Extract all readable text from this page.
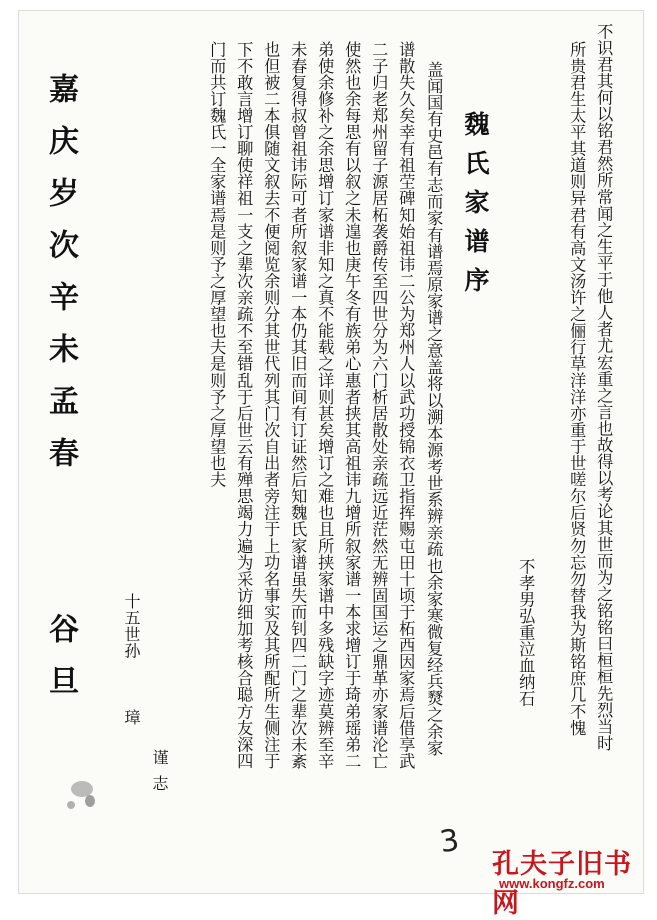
不识君其何以铭君然所常闻之生平于他人者尤宏重之言也故得以考论其世而为之铭铭曰桓桓先烈当时

所贵君生太平其道则异君有高文汤许之俪行草洋洋亦重于世嗟尔后贤勿忘勿替我为斯铭庶几不愧

不孝男弘重泣血纳石

魏氏家谱序

盖闻国有史邑有志而家有谱焉原家谱之意盖将以溯本源考世系辨亲疏也余家寒微复经兵燹之余家

谱散失久矣幸有祖茔碑知始祖讳二公为郑州人以武功授锦衣卫指挥赐屯田十顷于柘西因家焉后借享武

二子归老郑州留子源居柘袭爵传至四世分为六门析居散处亲疏远近茫然无辨固国运之鼎革亦家谱沦亡

使然也余每思有以叙之未遑也庚午冬有族弟心惠者挟其高祖讳九增所叙家谱一本求增订于琦弟瑶弟二

弟使余修补之余思增订家谱非知之真不能载之详则甚矣增订之难也且所挟家谱中多残缺字迹莫辨至辛

未春复得叔曾祖讳际可者所叙家谱一本仍其旧而间有订证然后知魏氏家谱虽失而钊四二门之辈次未紊

也但被二本俱随文叙去不便阅览余则分其世代列其门次自出者旁注于上功名事实及其所配所生侧注于

下不敢言增订聊使祥祖一支之辈次亲疏不至错乱于后世云有殚思竭力遍为采访细加考核合聪方友深四

门而共订魏氏一全家谱焉是则予之厚望也夫是则予之厚望也夫

十五世孙

璋

谨志

嘉庆岁次辛未孟春

谷旦

3
孔夫子旧书网
www.kongfz.com
